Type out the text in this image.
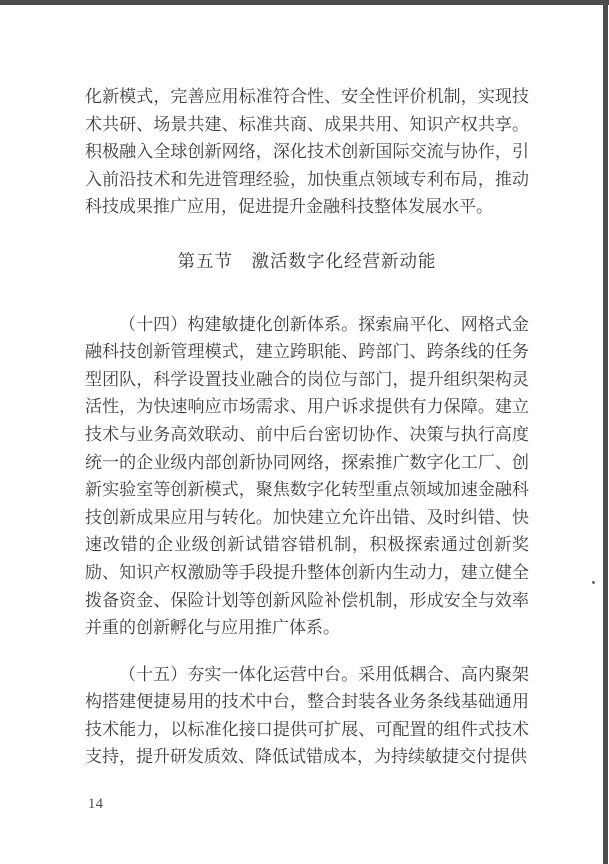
化新模式，完善应用标准符合性、安全性评价机制，实现技术共研、场景共建、标准共商、成果共用、知识产权共享。积极融入全球创新网络，深化技术创新国际交流与协作，引入前沿技术和先进管理经验，加快重点领域专利布局，推动科技成果推广应用，促进提升金融科技整体发展水平。

第五节　激活数字化经营新动能

（十四）构建敏捷化创新体系。探索扁平化、网格式金融科技创新管理模式，建立跨职能、跨部门、跨条线的任务型团队，科学设置技业融合的岗位与部门，提升组织架构灵活性，为快速响应市场需求、用户诉求提供有力保障。建立技术与业务高效联动、前中后台密切协作、决策与执行高度统一的企业级内部创新协同网络，探索推广数字化工厂、创新实验室等创新模式，聚焦数字化转型重点领域加速金融科技创新成果应用与转化。加快建立允许出错、及时纠错、快速改错的企业级创新试错容错机制，积极探索通过创新奖励、知识产权激励等手段提升整体创新内生动力，建立健全拨备资金、保险计划等创新风险补偿机制，形成安全与效率并重的创新孵化与应用推广体系。

（十五）夯实一体化运营中台。采用低耦合、高内聚架构搭建便捷易用的技术中台，整合封装各业务条线基础通用技术能力，以标准化接口提供可扩展、可配置的组件式技术支持，提升研发质效、降低试错成本，为持续敏捷交付提供

14
